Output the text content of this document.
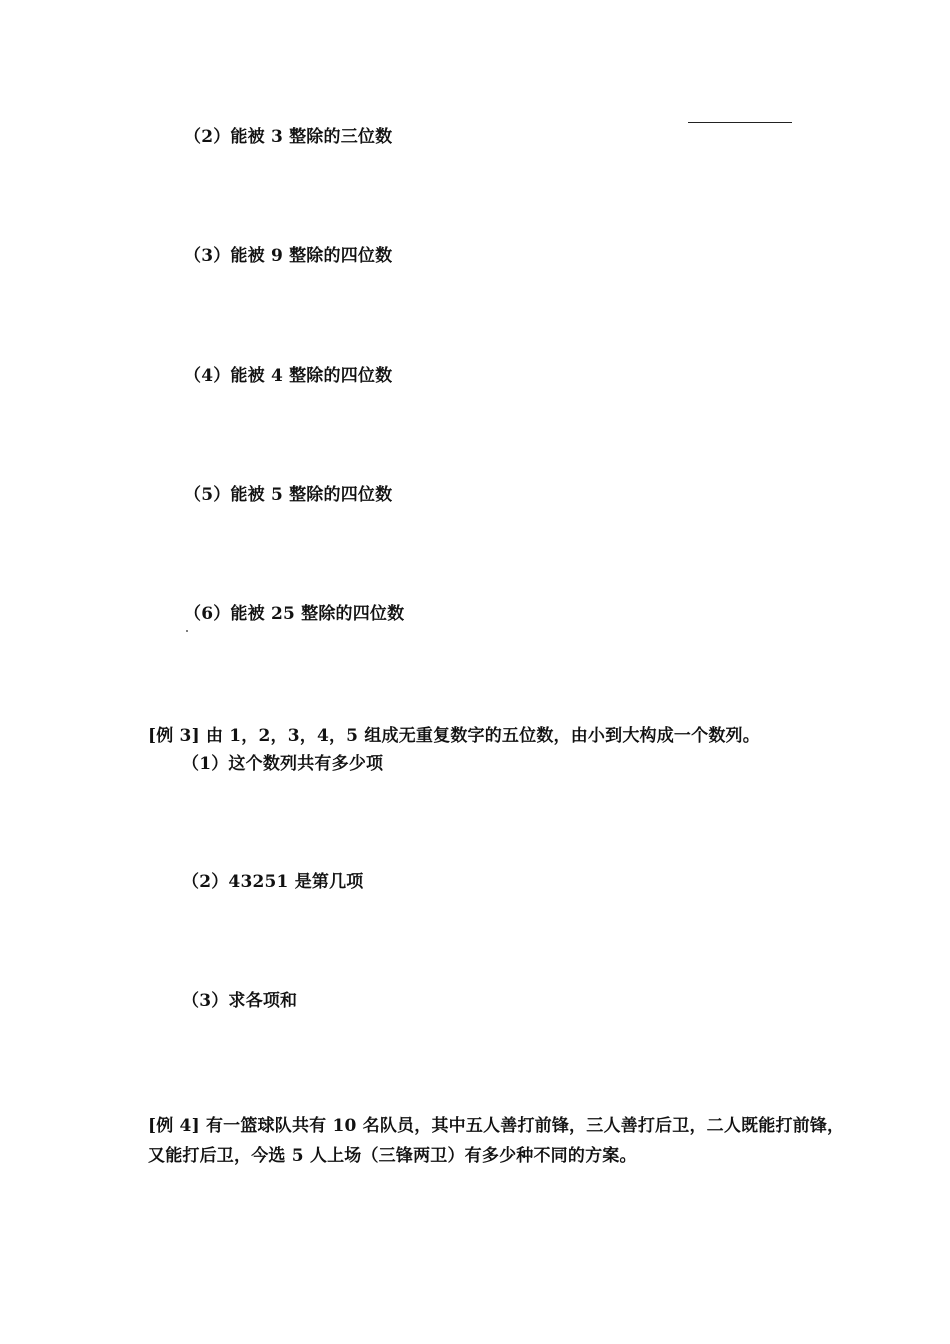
（2）能被 3 整除的三位数
（3）能被 9 整除的四位数
（4）能被 4 整除的四位数
（5）能被 5 整除的四位数
（6）能被 25 整除的四位数
[例 3] 由 1，2，3，4，5 组成无重复数字的五位数，由小到大构成一个数列。
（1）这个数列共有多少项
（2）43251 是第几项
（3）求各项和
[例 4] 有一篮球队共有 10 名队员，其中五人善打前锋，三人善打后卫，二人既能打前锋，
又能打后卫，今选 5 人上场（三锋两卫）有多少种不同的方案。
